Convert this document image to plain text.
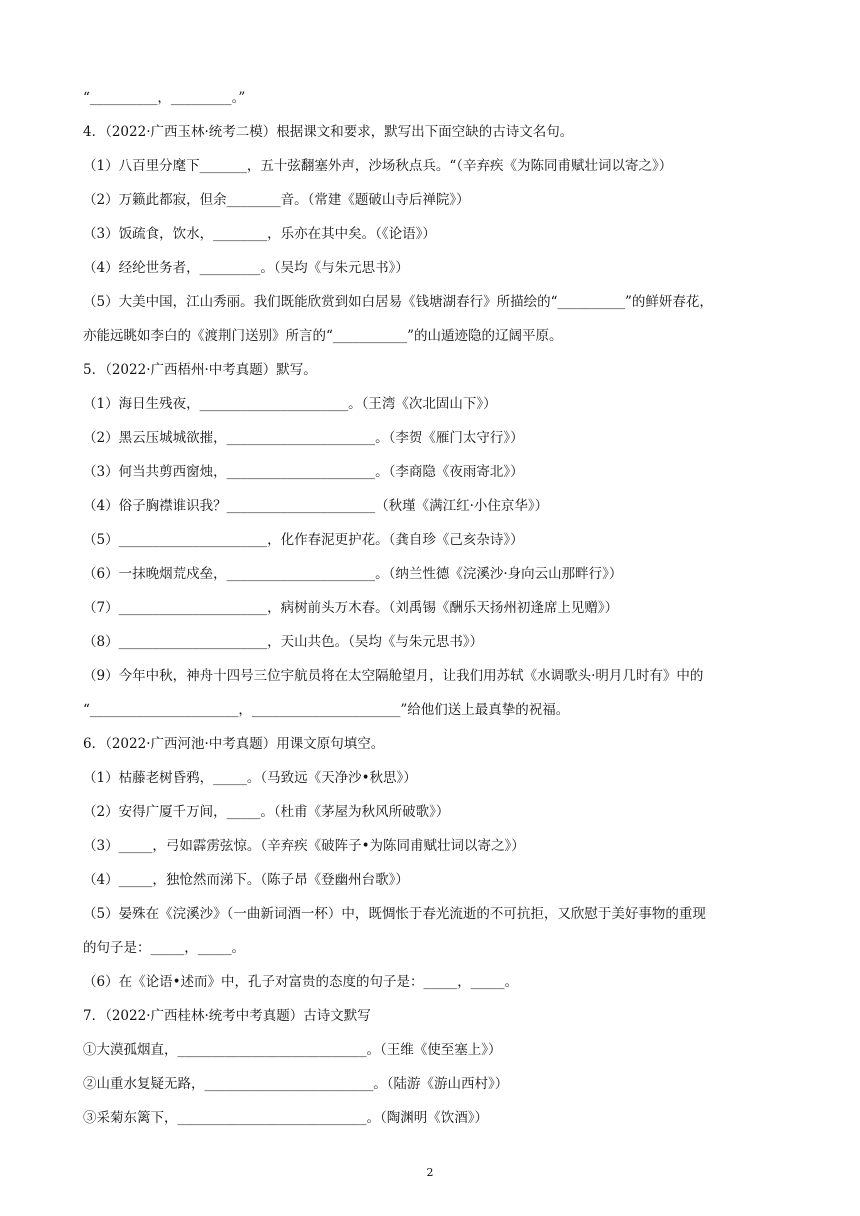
“__________，_________。”
4．（2022·广西玉林·统考二模）根据课文和要求，默写出下面空缺的古诗文名句。
（1）八百里分麾下_______，五十弦翻塞外声，沙场秋点兵。“（辛弃疾《为陈同甫赋壮词以寄之》）
（2）万籁此都寂，但余________音。（常建《题破山寺后禅院》）
（3）饭疏食，饮水，________，乐亦在其中矣。（《论语》）
（4）经纶世务者，_________。（吴均《与朱元思书》）
（5）大美中国，江山秀丽。我们既能欣赏到如白居易《钱塘湖春行》所描绘的“__________”的鲜妍春花，
亦能远眺如李白的《渡荆门送别》所言的“___________”的山遁迹隐的辽阔平原。
5．（2022·广西梧州·中考真题）默写。
（1）海日生残夜，______________________。（王湾《次北固山下》）
（2）黑云压城城欲摧，______________________。（李贺《雁门太守行》）
（3）何当共剪西窗烛，______________________。（李商隐《夜雨寄北》）
（4）俗子胸襟谁识我？______________________（秋瑾《满江红·小住京华》）
（5）______________________，化作春泥更护花。（龚自珍《己亥杂诗》）
（6）一抹晚烟荒戍垒，______________________。（纳兰性德《浣溪沙·身向云山那畔行》）
（7）______________________，病树前头万木春。（刘禹锡《酬乐天扬州初逢席上见赠》）
（8）______________________，天山共色。（吴均《与朱元思书》）
（9）今年中秋，神舟十四号三位宇航员将在太空隔舱望月，让我们用苏轼《水调歌头·明月几时有》中的
“______________________，______________________”给他们送上最真挚的祝福。
6．（2022·广西河池·中考真题）用课文原句填空。
（1）枯藤老树昏鸦，_____。（马致远《天净沙•秋思》）
（2）安得广厦千万间，_____。（杜甫《茅屋为秋风所破歌》）
（3）_____，弓如霹雳弦惊。（辛弃疾《破阵子•为陈同甫赋壮词以寄之》）
（4）_____，独怆然而涕下。（陈子昂《登幽州台歌》）
（5）晏殊在《浣溪沙》（一曲新词酒一杯）中，既惆怅于春光流逝的不可抗拒，又欣慰于美好事物的重现
的句子是：_____，_____。
（6）在《论语•述而》中，孔子对富贵的态度的句子是：_____，_____。
7．（2022·广西桂林·统考中考真题）古诗文默写
①大漠孤烟直，____________________________。（王维《使至塞上》）
②山重水复疑无路，_________________________。（陆游《游山西村》）
③采菊东篱下，____________________________。（陶渊明《饮酒》）
2
